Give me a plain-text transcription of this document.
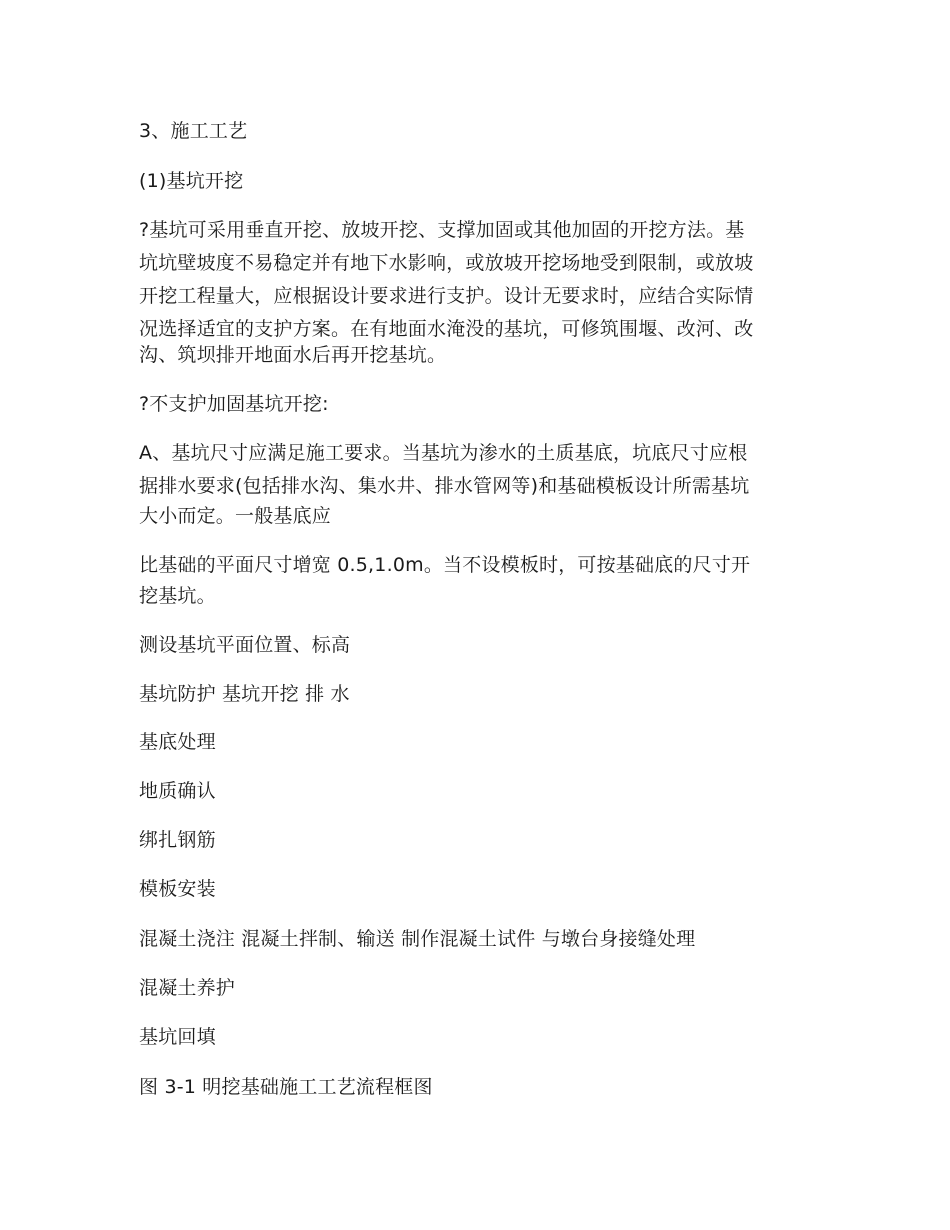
3、施工工艺
(1)基坑开挖
?基坑可采用垂直开挖、放坡开挖、支撑加固或其他加固的开挖方法。基
坑坑壁坡度不易稳定并有地下水影响，或放坡开挖场地受到限制，或放坡
开挖工程量大，应根据设计要求进行支护。设计无要求时，应结合实际情
况选择适宜的支护方案。在有地面水淹没的基坑，可修筑围堰、改河、改
沟、筑坝排开地面水后再开挖基坑。
?不支护加固基坑开挖:
A、基坑尺寸应满足施工要求。当基坑为渗水的土质基底，坑底尺寸应根
据排水要求(包括排水沟、集水井、排水管网等)和基础模板设计所需基坑
大小而定。一般基底应
比基础的平面尺寸增宽 0.5,1.0m。当不设模板时，可按基础底的尺寸开
挖基坑。
测设基坑平面位置、标高
基坑防护 基坑开挖 排 水
基底处理
地质确认
绑扎钢筋
模板安装
混凝土浇注 混凝土拌制、输送 制作混凝土试件 与墩台身接缝处理
混凝土养护
基坑回填
图 3-1 明挖基础施工工艺流程框图
